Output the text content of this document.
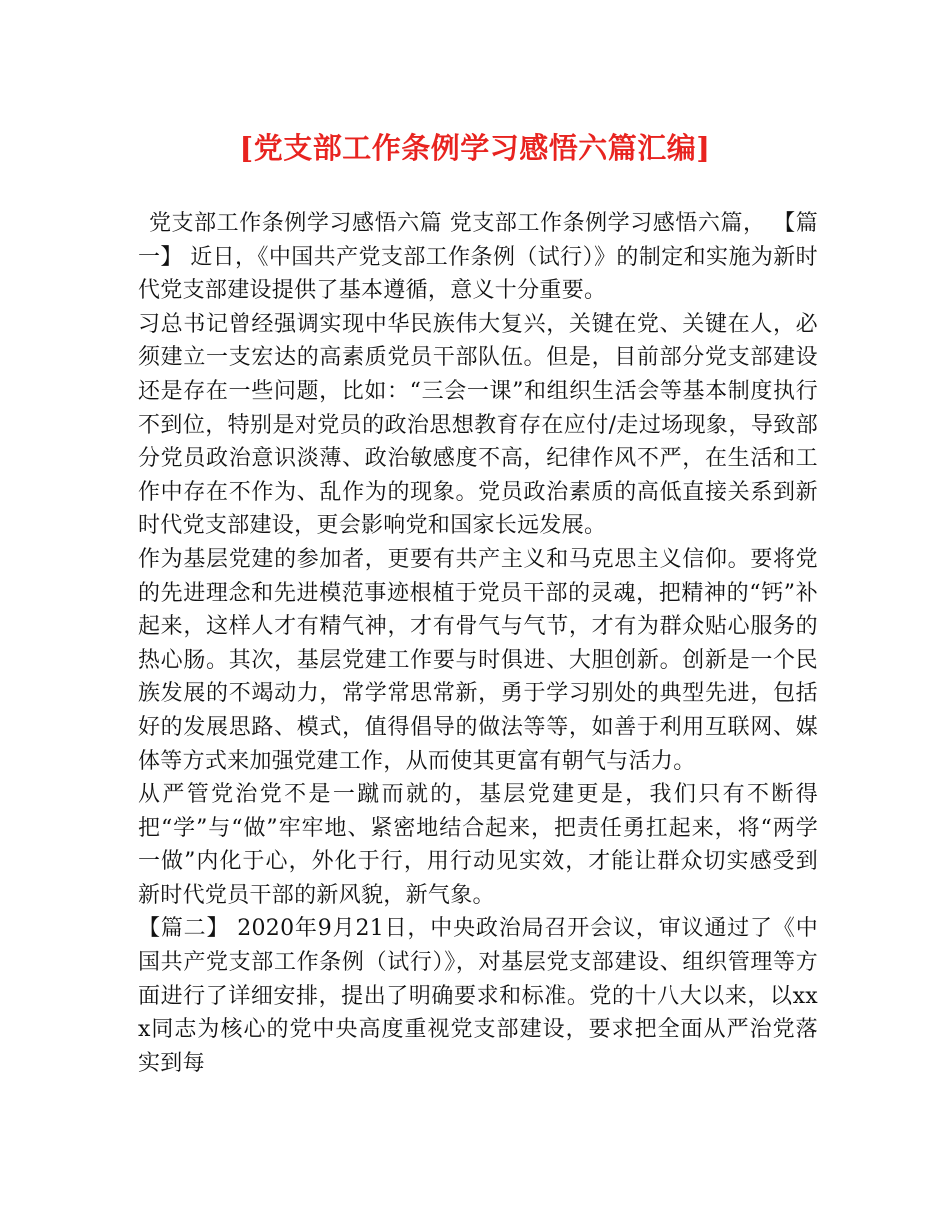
[党支部工作条例学习感悟六篇汇编]

党支部工作条例学习感悟六篇 党支部工作条例学习感悟六篇， 【篇一】 近日，《中国共产党支部工作条例（试行）》的制定和实施为新时代党支部建设提供了基本遵循，意义十分重要。

习总书记曾经强调实现中华民族伟大复兴，关键在党、关键在人，必须建立一支宏达的高素质党员干部队伍。但是，目前部分党支部建设还是存在一些问题，比如：“三会一课”和组织生活会等基本制度执行不到位，特别是对党员的政治思想教育存在应付/走过场现象，导致部分党员政治意识淡薄、政治敏感度不高，纪律作风不严，在生活和工作中存在不作为、乱作为的现象。党员政治素质的高低直接关系到新时代党支部建设，更会影响党和国家长远发展。

作为基层党建的参加者，更要有共产主义和马克思主义信仰。要将党的先进理念和先进模范事迹根植于党员干部的灵魂，把精神的“钙”补起来，这样人才有精气神，才有骨气与气节，才有为群众贴心服务的热心肠。其次，基层党建工作要与时俱进、大胆创新。创新是一个民族发展的不竭动力，常学常思常新，勇于学习别处的典型先进，包括好的发展思路、模式，值得倡导的做法等等，如善于利用互联网、媒体等方式来加强党建工作，从而使其更富有朝气与活力。

从严管党治党不是一蹴而就的，基层党建更是，我们只有不断得把“学”与“做”牢牢地、紧密地结合起来，把责任勇扛起来，将“两学一做”内化于心，外化于行，用行动见实效，才能让群众切实感受到新时代党员干部的新风貌，新气象。

【篇二】 2020年9月21日，中央政治局召开会议，审议通过了《中国共产党支部工作条例（试行）》，对基层党支部建设、组织管理等方面进行了详细安排，提出了明确要求和标准。党的十八大以来，以xxx同志为核心的党中央高度重视党支部建设，要求把全面从严治党落实到每
